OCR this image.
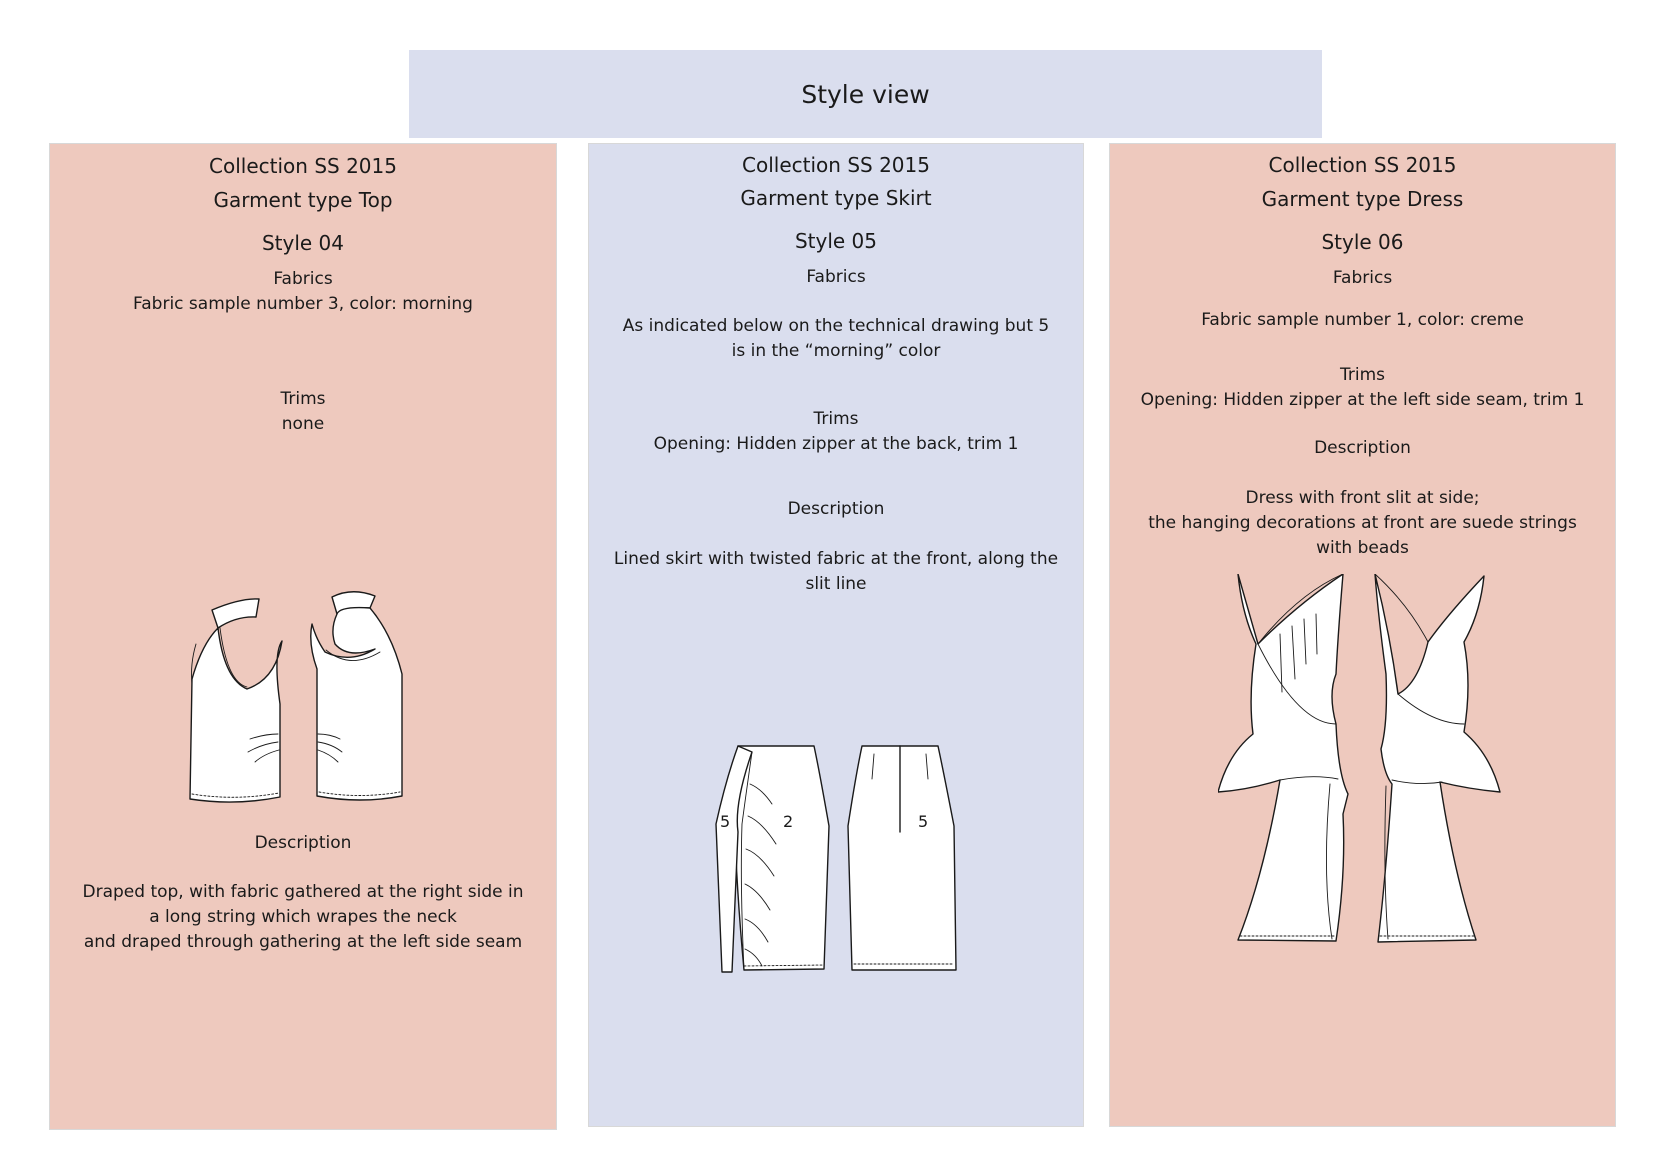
Style view
Collection SS 2015
Garment type Top
Style 04
Fabrics
Fabric sample number 3, color: morning
Trims
none
Description
Draped top, with fabric gathered at the right side in
a long string which wrapes the neck
and draped through gathering at the left side seam
Collection SS 2015
Garment type Skirt
Style 05
Fabrics
As indicated below on the technical drawing but 5
is in the “morning” color
Trims
Opening: Hidden zipper at the back, trim 1
Description
Lined skirt with twisted fabric at the front, along the
slit line
5	2	5
Collection SS 2015
Garment type Dress
Style 06
Fabrics
Fabric sample number 1, color: creme
Trims
Opening: Hidden zipper at the left side seam, trim 1
Description
Dress with front slit at side;
the hanging decorations at front are suede strings
with beads
